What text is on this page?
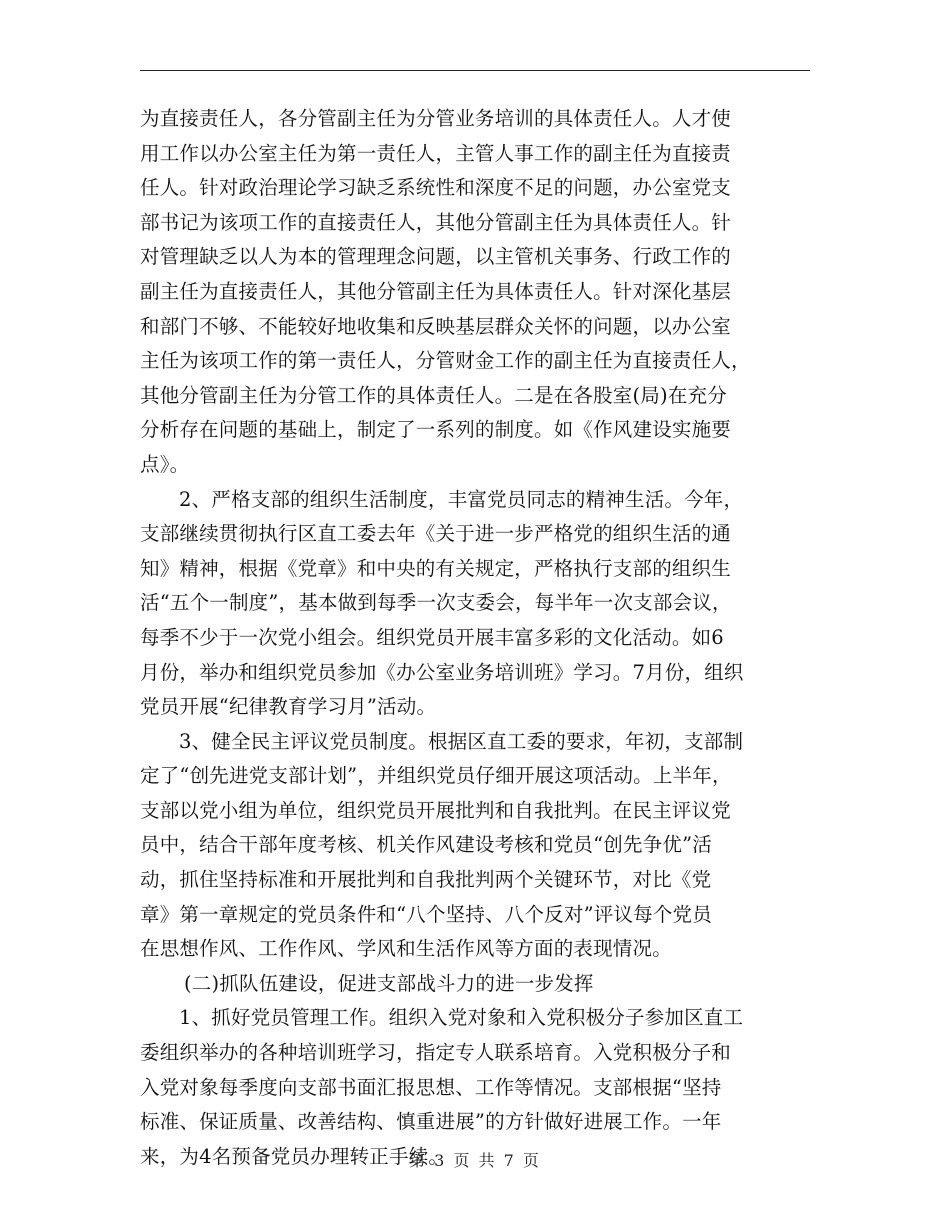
为直接责任人，各分管副主任为分管业务培训的具体责任人。人才使
用工作以办公室主任为第一责任人，主管人事工作的副主任为直接责
任人。针对政治理论学习缺乏系统性和深度不足的问题，办公室党支
部书记为该项工作的直接责任人，其他分管副主任为具体责任人。针
对管理缺乏以人为本的管理理念问题，以主管机关事务、行政工作的
副主任为直接责任人，其他分管副主任为具体责任人。针对深化基层
和部门不够、不能较好地收集和反映基层群众关怀的问题，以办公室
主任为该项工作的第一责任人，分管财金工作的副主任为直接责任人，
其他分管副主任为分管工作的具体责任人。二是在各股室(局)在充分
分析存在问题的基础上，制定了一系列的制度。如《作风建设实施要
点》。
2、严格支部的组织生活制度，丰富党员同志的精神生活。今年，
支部继续贯彻执行区直工委去年《关于进一步严格党的组织生活的通
知》精神，根据《党章》和中央的有关规定，严格执行支部的组织生
活“五个一制度”，基本做到每季一次支委会，每半年一次支部会议，
每季不少于一次党小组会。组织党员开展丰富多彩的文化活动。如6
月份，举办和组织党员参加《办公室业务培训班》学习。7月份，组织
党员开展“纪律教育学习月”活动。
3、健全民主评议党员制度。根据区直工委的要求，年初，支部制
定了“创先进党支部计划”，并组织党员仔细开展这项活动。上半年，
支部以党小组为单位，组织党员开展批判和自我批判。在民主评议党
员中，结合干部年度考核、机关作风建设考核和党员“创先争优”活
动，抓住坚持标准和开展批判和自我批判两个关键环节，对比《党
章》第一章规定的党员条件和“八个坚持、八个反对”评议每个党员
在思想作风、工作作风、学风和生活作风等方面的表现情况。
(二)抓队伍建设，促进支部战斗力的进一步发挥
1、抓好党员管理工作。组织入党对象和入党积极分子参加区直工
委组织举办的各种培训班学习，指定专人联系培育。入党积极分子和
入党对象每季度向支部书面汇报思想、工作等情况。支部根据“坚持
标准、保证质量、改善结构、慎重进展”的方针做好进展工作。一年
来，为4名预备党员办理转正手续。
第 3 页 共 7 页
